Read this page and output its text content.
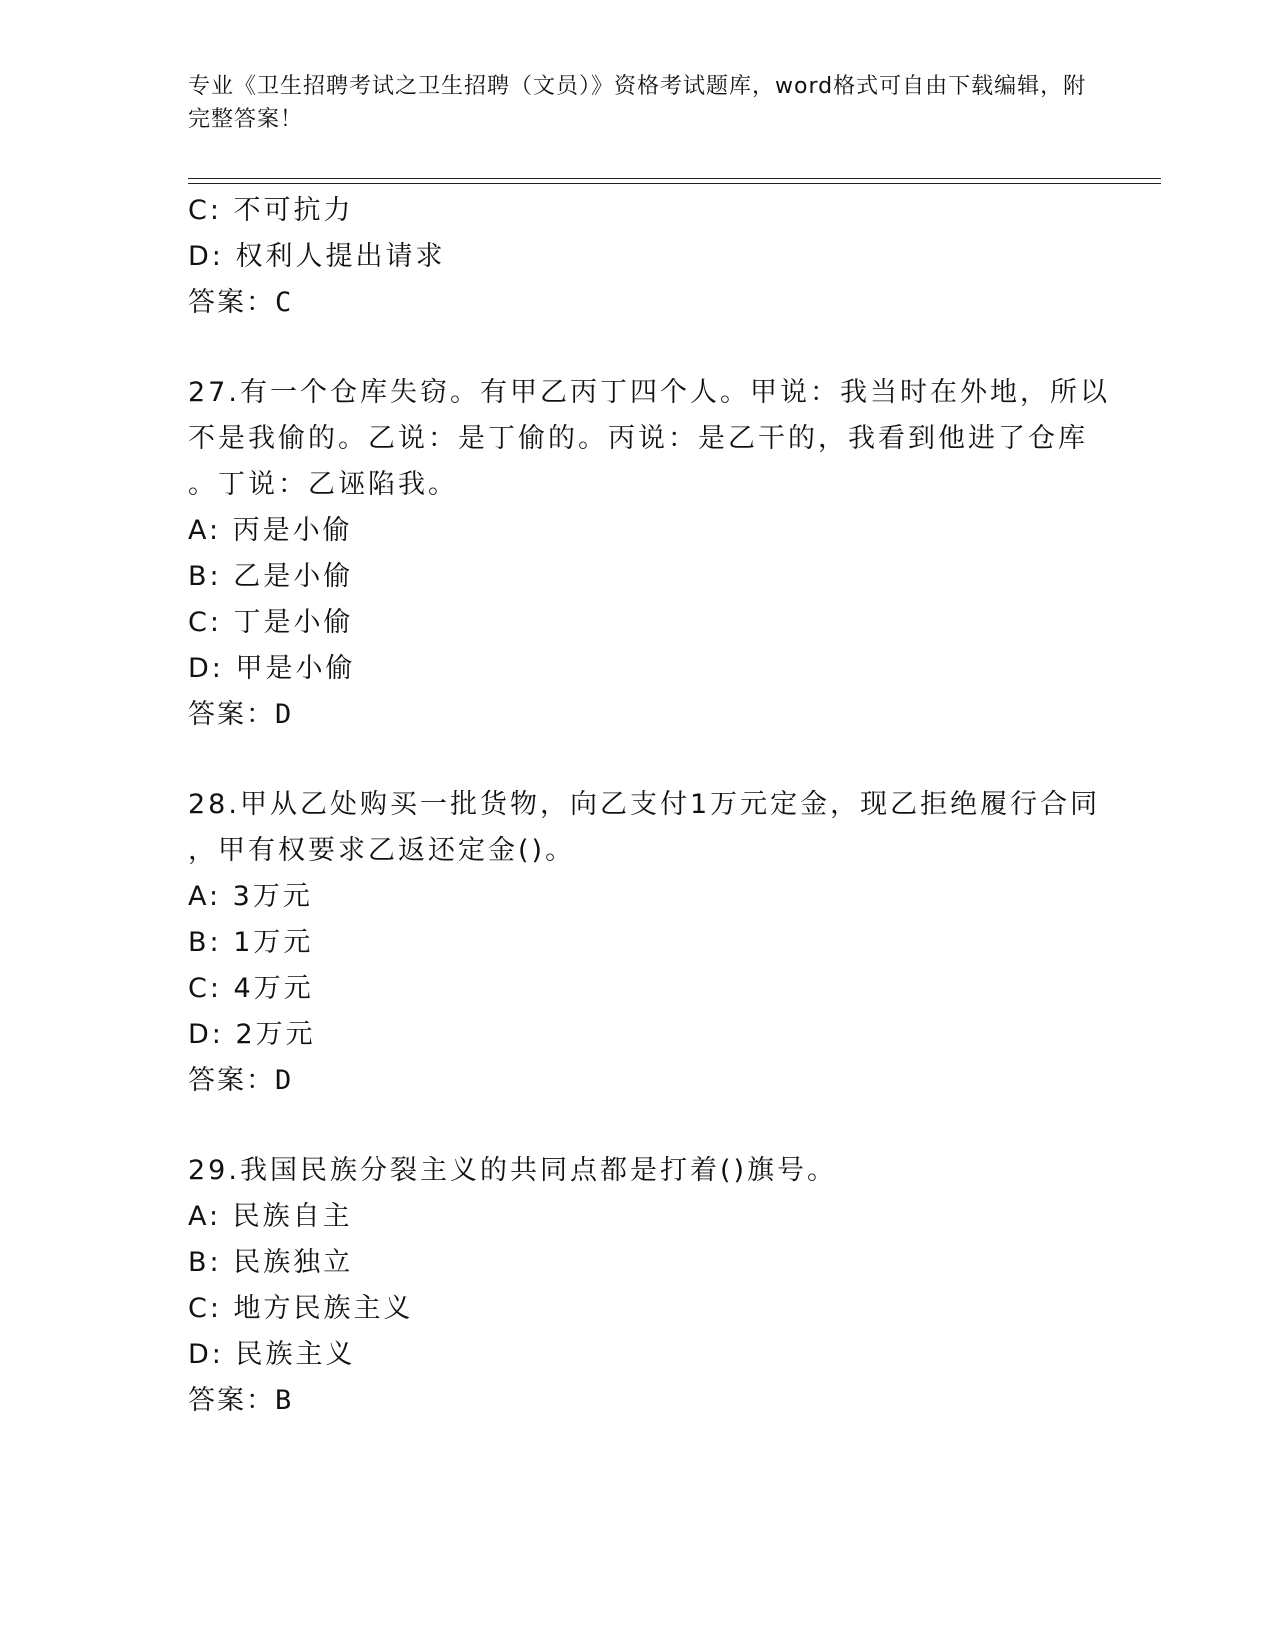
专业《卫生招聘考试之卫生招聘（文员）》资格考试题库，word格式可自由下载编辑，附完整答案！
C: 不可抗力
D: 权利人提出请求
答案：C
27.有一个仓库失窃。有甲乙丙丁四个人。甲说：我当时在外地，所以
不是我偷的。乙说：是丁偷的。丙说：是乙干的，我看到他进了仓库
。丁说：乙诬陷我。
A: 丙是小偷
B: 乙是小偷
C: 丁是小偷
D: 甲是小偷
答案：D
28.甲从乙处购买一批货物，向乙支付1万元定金，现乙拒绝履行合同
，甲有权要求乙返还定金()。
A: 3万元
B: 1万元
C: 4万元
D: 2万元
答案：D
29.我国民族分裂主义的共同点都是打着()旗号。
A: 民族自主
B: 民族独立
C: 地方民族主义
D: 民族主义
答案：B
